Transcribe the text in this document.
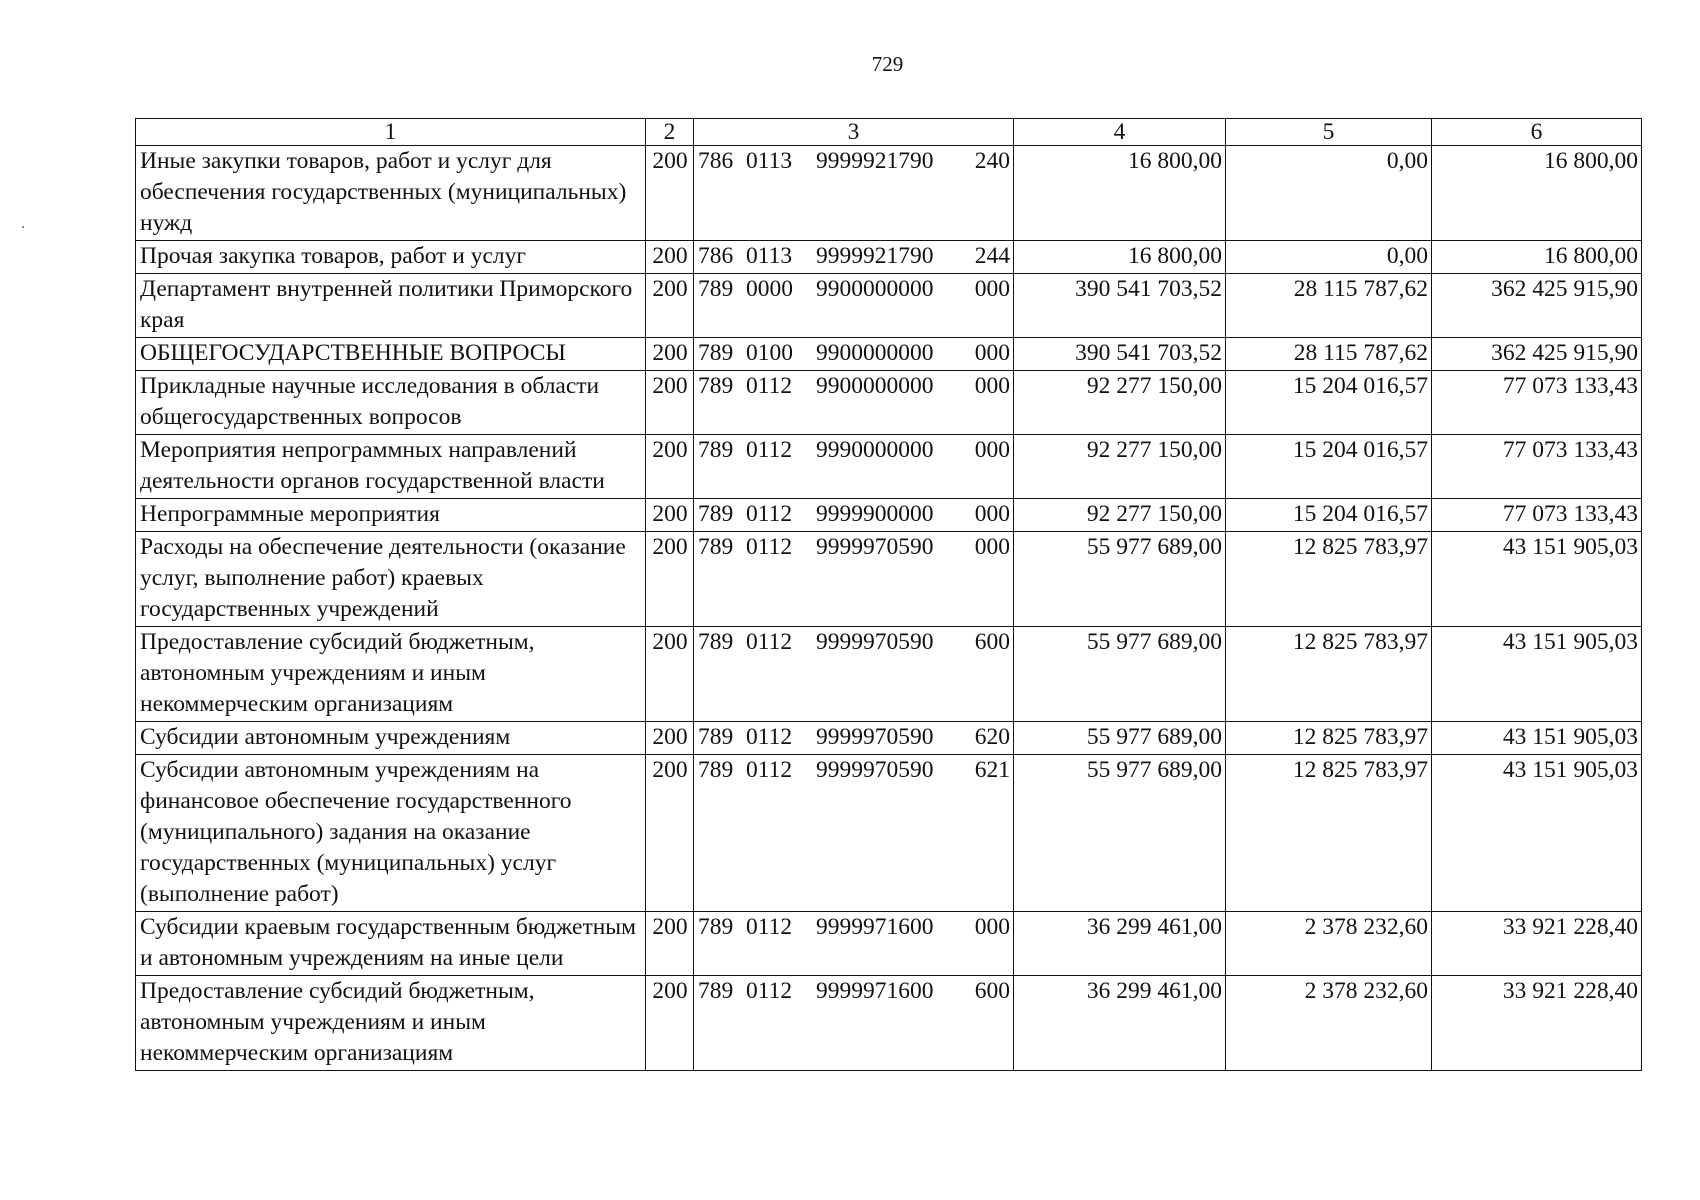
729
1	2	3	4	5	6
Иные закупки товаров, работ и услуг для обеспечения государственных (муниципальных) нужд	200	786 0113 9999921790 240	16 800,00	0,00	16 800,00
Прочая закупка товаров, работ и услуг	200	786 0113 9999921790 244	16 800,00	0,00	16 800,00
Департамент внутренней политики Приморского края	200	789 0000 9900000000 000	390 541 703,52	28 115 787,62	362 425 915,90
ОБЩЕГОСУДАРСТВЕННЫЕ ВОПРОСЫ	200	789 0100 9900000000 000	390 541 703,52	28 115 787,62	362 425 915,90
Прикладные научные исследования в области общегосударственных вопросов	200	789 0112 9900000000 000	92 277 150,00	15 204 016,57	77 073 133,43
Мероприятия непрограммных направлений деятельности органов государственной власти	200	789 0112 9990000000 000	92 277 150,00	15 204 016,57	77 073 133,43
Непрограммные мероприятия	200	789 0112 9999900000 000	92 277 150,00	15 204 016,57	77 073 133,43
Расходы на обеспечение деятельности (оказание услуг, выполнение работ) краевых государственных учреждений	200	789 0112 9999970590 000	55 977 689,00	12 825 783,97	43 151 905,03
Предоставление субсидий бюджетным, автономным учреждениям и иным некоммерческим организациям	200	789 0112 9999970590 600	55 977 689,00	12 825 783,97	43 151 905,03
Субсидии автономным учреждениям	200	789 0112 9999970590 620	55 977 689,00	12 825 783,97	43 151 905,03
Субсидии автономным учреждениям на финансовое обеспечение государственного (муниципального) задания на оказание государственных (муниципальных) услуг (выполнение работ)	200	789 0112 9999970590 621	55 977 689,00	12 825 783,97	43 151 905,03
Субсидии краевым государственным бюджетным и автономным учреждениям на иные цели	200	789 0112 9999971600 000	36 299 461,00	2 378 232,60	33 921 228,40
Предоставление субсидий бюджетным, автономным учреждениям и иным некоммерческим организациям	200	789 0112 9999971600 600	36 299 461,00	2 378 232,60	33 921 228,40
